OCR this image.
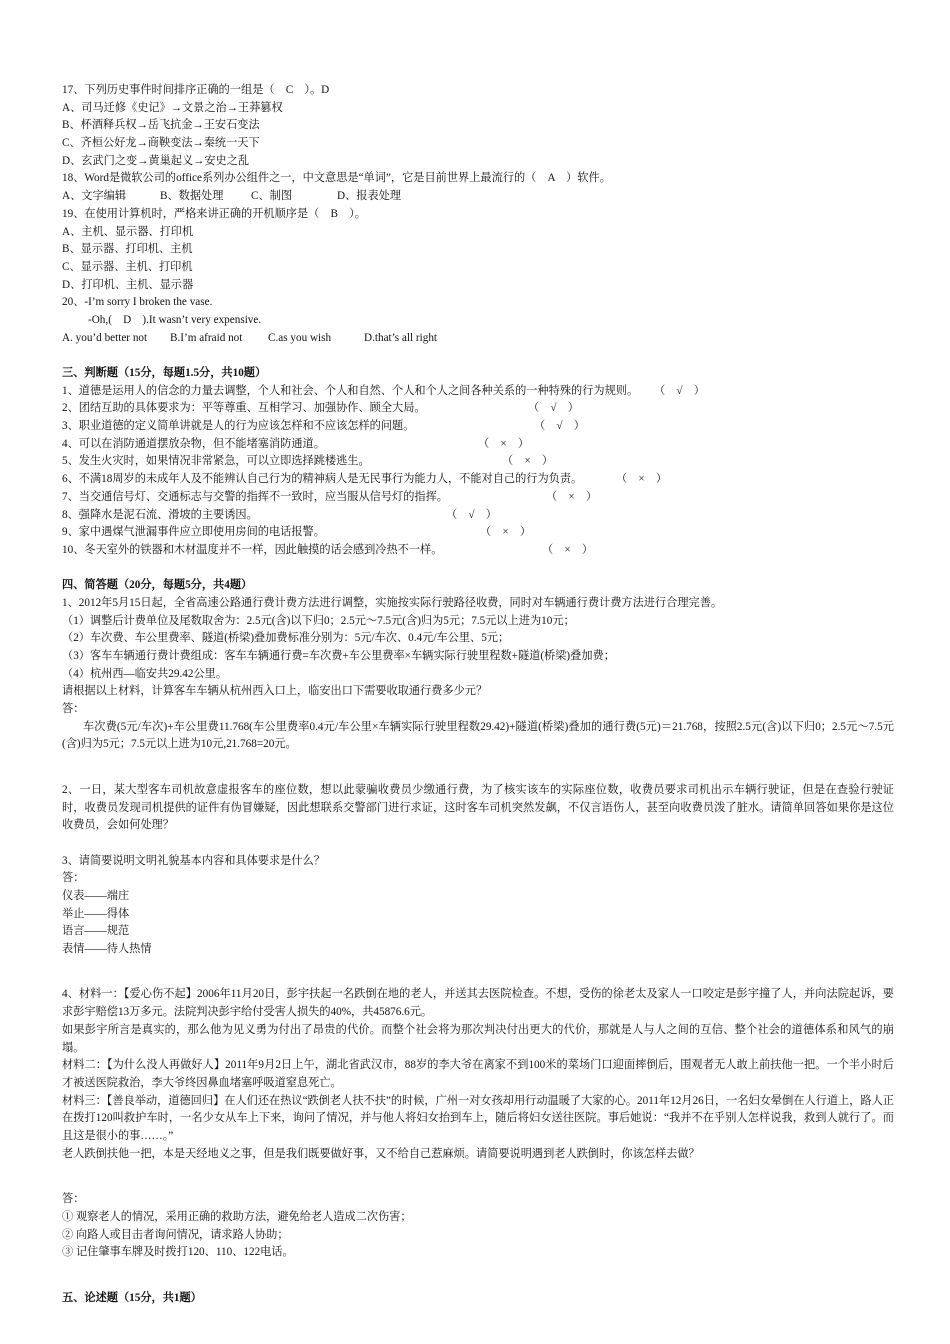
17、下列历史事件时间排序正确的一组是（　C　）。D
A、司马迁修《史记》→文景之治→王莽篡权
B、杯酒释兵权→岳飞抗金→王安石变法
C、齐桓公好龙→商鞅变法→秦统一天下
D、玄武门之变→黄巢起义→安史之乱
18、Word是微软公司的office系列办公组件之一，中文意思是“单词”，它是目前世界上最流行的（　A　）软件。
A、文字编辑	B、数据处理 C、制图	D、报表处理
19、在使用计算机时，严格来讲正确的开机顺序是（　B　）。
A、主机、显示器、打印机
B、显示器、打印机、主机
C、显示器、主机、打印机
D、打印机、主机、显示器
20、-I’m sorry I broken the vase.
-Oh,(　D　).It wasn’t very expensive.
A. you’d better not B.I’m afraid not C.as you wish	D.that’s all right
三、判断题（15分，每题1.5分，共10题）
1、道德是运用人的信念的力量去调整，个人和社会、个人和自然、个人和个人之间各种关系的一种特殊的行为规则。 （　√　）
2、团结互助的具体要求为：平等尊重、互相学习、加强协作、顾全大局。	（　√　）
3、职业道德的定义简单讲就是人的行为应该怎样和不应该怎样的问题。	（　√　）
4、可以在消防通道摆放杂物，但不能堵塞消防通道。	（　×　）
5、发生火灾时，如果情况非常紧急，可以立即选择跳楼逃生。	（　×　）
6、不满18周岁的未成年人及不能辨认自己行为的精神病人是无民事行为能力人，不能对自己的行为负责。	（　×　）
7、当交通信号灯、交通标志与交警的指挥不一致时，应当服从信号灯的指挥。	（　×　）
8、强降水是泥石流、滑坡的主要诱因。	（　√　）
9、家中遇煤气泄漏事件应立即使用房间的电话报警。	（　×　）
10、冬天室外的铁器和木材温度并不一样，因此触摸的话会感到冷热不一样。	（　×　）
四、简答题（20分，每题5分，共4题）
1、2012年5月15日起，全省高速公路通行费计费方法进行调整，实施按实际行驶路径收费，同时对车辆通行费计费方法进行合理完善。
（1）调整后计费单位及尾数取舍为：2.5元(含)以下归0；2.5元～7.5元(含)归为5元；7.5元以上进为10元；
（2）车次费、车公里费率、隧道(桥梁)叠加费标准分别为：5元/车次、0.4元/车公里、5元；
（3）客车车辆通行费计费组成：客车车辆通行费=车次费+车公里费率×车辆实际行驶里程数+隧道(桥梁)叠加费；
（4）杭州西—临安共29.42公里。
请根据以上材料，计算客车车辆从杭州西入口上，临安出口下需要收取通行费多少元？
答：
车次费(5元/车次)+车公里费11.768(车公里费率0.4元/车公里×车辆实际行驶里程数29.42)+隧道(桥梁)叠加的通行费(5元)＝21.768，按照2.5元(含)以下归0；2.5元～7.5元(含)归为5元；7.5元以上进为10元,21.768=20元。
2、一日，某大型客车司机故意虚报客车的座位数，想以此蒙骗收费员少缴通行费，为了核实该车的实际座位数，收费员要求司机出示车辆行驶证，但是在查验行驶证时，收费员发现司机提供的证件有伪冒嫌疑，因此想联系交警部门进行求证，这时客车司机突然发飙，不仅言语伤人，甚至向收费员泼了脏水。请简单回答如果你是这位收费员，会如何处理？
3、请简要说明文明礼貌基本内容和具体要求是什么？
答：
仪表——端庄
举止——得体
语言——规范
表情——待人热情
4、材料一：【爱心伤不起】2006年11月20日，彭宇扶起一名跌倒在地的老人，并送其去医院检查。不想，受伤的徐老太及家人一口咬定是彭宇撞了人，并向法院起诉，要求彭宇赔偿13万多元。法院判决彭宇给付受害人损失的40%，共45876.6元。
如果彭宇所言是真实的，那么他为见义勇为付出了昂贵的代价。而整个社会将为那次判决付出更大的代价，那就是人与人之间的互信、整个社会的道德体系和风气的崩塌。
材料二：【为什么没人再做好人】2011年9月2日上午，湖北省武汉市，88岁的李大爷在离家不到100米的菜场门口迎面摔倒后，围观者无人敢上前扶他一把。一个半小时后才被送医院救治，李大爷终因鼻血堵塞呼吸道窒息死亡。
材料三：【善良举动，道德回归】在人们还在热议“跌倒老人扶不扶”的时候，广州一对女孩却用行动温暖了大家的心。2011年12月26日，一名妇女晕倒在人行道上，路人正在拨打120叫救护车时，一名少女从车上下来，询问了情况，并与他人将妇女抬到车上，随后将妇女送往医院。事后她说：“我并不在乎别人怎样说我，救到人就行了。而且这是很小的事……。”
老人跌倒扶他一把，本是天经地义之事，但是我们既要做好事，又不给自己惹麻烦。请简要说明遇到老人跌倒时，你该怎样去做？
答：
① 观察老人的情况，采用正确的救助方法，避免给老人造成二次伤害；
② 向路人或目击者询问情况，请求路人协助；
③ 记住肇事车牌及时拨打120、110、122电话。
五、论述题（15分，共1题）
